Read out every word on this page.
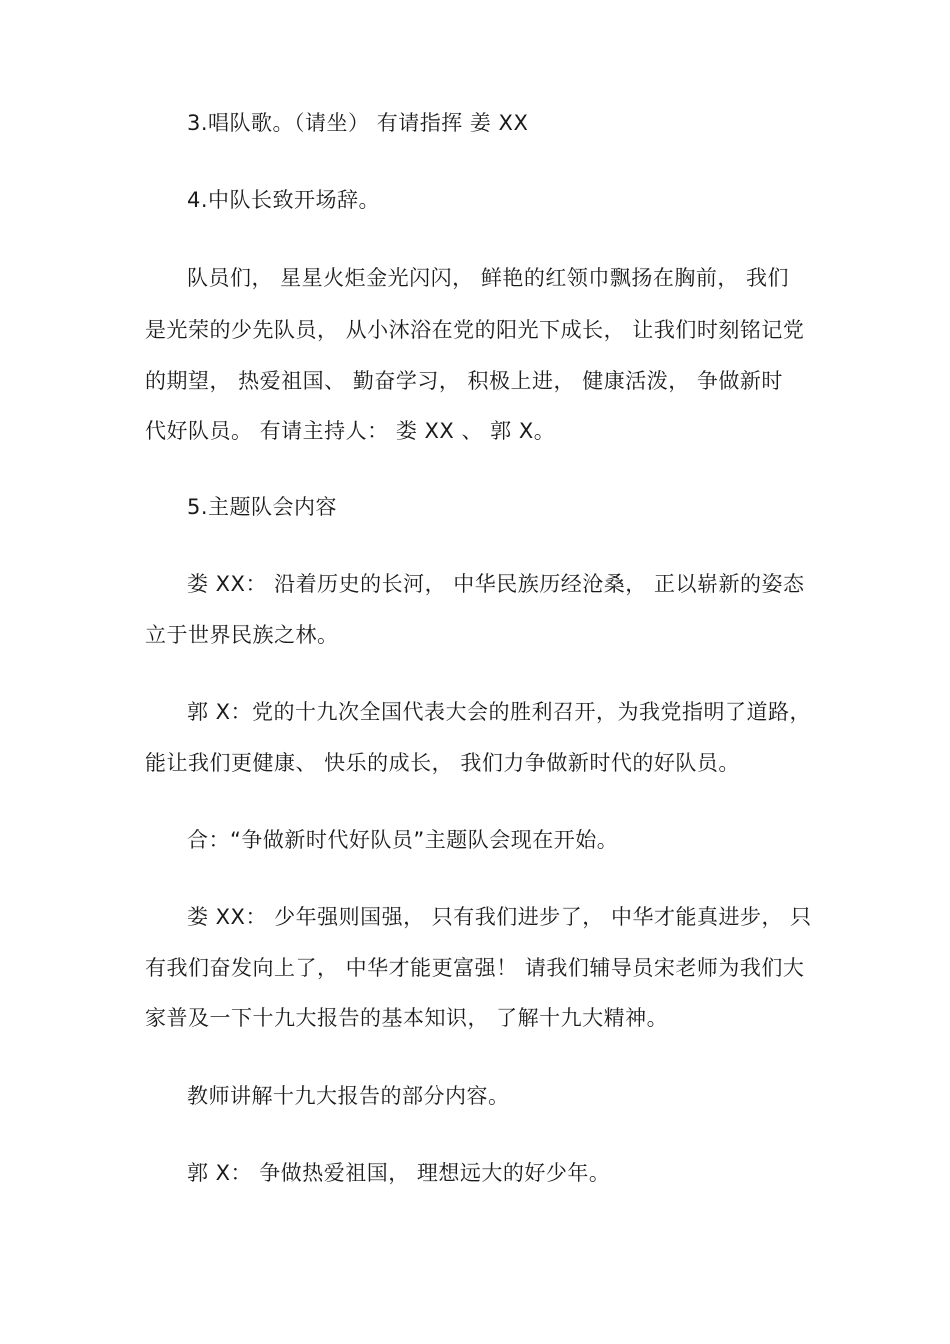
3.唱队歌。（请坐） 有请指挥 姜 XX
4.中队长致开场辞。
队员们， 星星火炬金光闪闪， 鲜艳的红领巾飘扬在胸前， 我们
是光荣的少先队员， 从小沐浴在党的阳光下成长， 让我们时刻铭记党
的期望， 热爱祖国、 勤奋学习， 积极上进， 健康活泼， 争做新时
代好队员。 有请主持人： 娄 XX 、 郭 X。
5.主题队会内容
娄 XX： 沿着历史的长河， 中华民族历经沧桑， 正以崭新的姿态
立于世界民族之林。
郭 X：党的十九次全国代表大会的胜利召开，为我党指明了道路，
能让我们更健康、 快乐的成长， 我们力争做新时代的好队员。
合：“争做新时代好队员”主题队会现在开始。
娄 XX： 少年强则国强， 只有我们进步了， 中华才能真进步， 只
有我们奋发向上了， 中华才能更富强！ 请我们辅导员宋老师为我们大
家普及一下十九大报告的基本知识， 了解十九大精神。
教师讲解十九大报告的部分内容。
郭 X： 争做热爱祖国， 理想远大的好少年。
